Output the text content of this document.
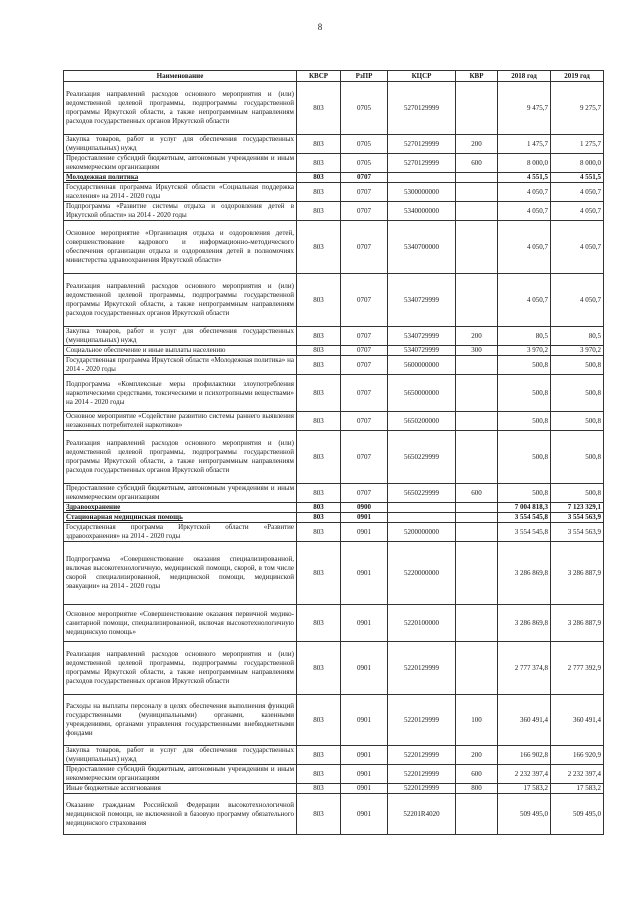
8
Наименование	КВСР	РзПР	КЦСР	КВР	2018 год	2019 год
Реализация направлений расходов основного мероприятия и (или) ведомственной целевой программы, подпрограммы государственной программы Иркутской области, а также непрограммным направлениям расходов государственных органов Иркутской области	803	0705	5270129999		9 475,7	9 275,7
Закупка товаров, работ и услуг для обеспечения государственных (муниципальных) нужд	803	0705	5270129999	200	1 475,7	1 275,7
Предоставление субсидий бюджетным, автономным учреждениям и иным некоммерческим организациям	803	0705	5270129999	600	8 000,0	8 000,0
Молодежная политика	803	0707			4 551,5	4 551,5
Государственная программа Иркутской области «Социальная поддержка населения» на 2014 - 2020 годы	803	0707	5300000000		4 050,7	4 050,7
Подпрограмма «Развитие системы отдыха и оздоровления детей в Иркутской области» на 2014 - 2020 годы	803	0707	5340000000		4 050,7	4 050,7
Основное мероприятие «Организация отдыха и оздоровления детей, совершенствование кадрового и информационно-методического обеспечения организации отдыха и оздоровления детей в полномочиях министерства здравоохранения Иркутской области»	803	0707	5340700000		4 050,7	4 050,7
Реализация направлений расходов основного мероприятия и (или) ведомственной целевой программы, подпрограммы государственной программы Иркутской области, а также непрограммным направлениям расходов государственных органов Иркутской области	803	0707	5340729999		4 050,7	4 050,7
Закупка товаров, работ и услуг для обеспечения государственных (муниципальных) нужд	803	0707	5340729999	200	80,5	80,5
Социальное обеспечение и иные выплаты населению	803	0707	5340729999	300	3 970,2	3 970,2
Государственная программа Иркутской области «Молодежная политика» на 2014 - 2020 годы	803	0707	5600000000		500,8	500,8
Подпрограмма «Комплексные меры профилактики злоупотребления наркотическими средствами, токсическими и психотропными веществами» на 2014 - 2020 годы	803	0707	5650000000		500,8	500,8
Основное мероприятие «Содействие развитию системы раннего выявления незаконных потребителей наркотиков»	803	0707	5650200000		500,8	500,8
Реализация направлений расходов основного мероприятия и (или) ведомственной целевой программы, подпрограммы государственной программы Иркутской области, а также непрограммным направлениям расходов государственных органов Иркутской области	803	0707	5650229999		500,8	500,8
Предоставление субсидий бюджетным, автономным учреждениям и иным некоммерческим организациям	803	0707	5650229999	600	500,8	500,8
Здравоохранение	803	0900			7 004 818,3	7 123 329,1
Стационарная медицинская помощь	803	0901			3 554 545,8	3 554 563,9
Государственная программа Иркутской области «Развитие здравоохранения» на 2014 - 2020 годы	803	0901	5200000000		3 554 545,8	3 554 563,9
Подпрограмма «Совершенствование оказания специализированной, включая высокотехнологичную, медицинской помощи, скорой, в том числе скорой специализированной, медицинской помощи, медицинской эвакуации» на 2014 - 2020 годы	803	0901	5220000000		3 286 869,8	3 286 887,9
Основное мероприятие «Совершенствование оказания первичной медико-санитарной помощи, специализированной, включая высокотехнологичную медицинскую помощь»	803	0901	5220100000		3 286 869,8	3 286 887,9
Реализация направлений расходов основного мероприятия и (или) ведомственной целевой программы, подпрограммы государственной программы Иркутской области, а также непрограммным направлениям расходов государственных органов Иркутской области	803	0901	5220129999		2 777 374,8	2 777 392,9
Расходы на выплаты персоналу в целях обеспечения выполнения функций государственными (муниципальными) органами, казенными учреждениями, органами управления государственными внебюджетными фондами	803	0901	5220129999	100	360 491,4	360 491,4
Закупка товаров, работ и услуг для обеспечения государственных (муниципальных) нужд	803	0901	5220129999	200	166 902,8	166 920,9
Предоставление субсидий бюджетным, автономным учреждениям и иным некоммерческим организациям	803	0901	5220129999	600	2 232 397,4	2 232 397,4
Иные бюджетные ассигнования	803	0901	5220129999	800	17 583,2	17 583,2
Оказание гражданам Российской Федерации высокотехнологичной медицинской помощи, не включенной в базовую программу обязательного медицинского страхования	803	0901	52201R4020		509 495,0	509 495,0
